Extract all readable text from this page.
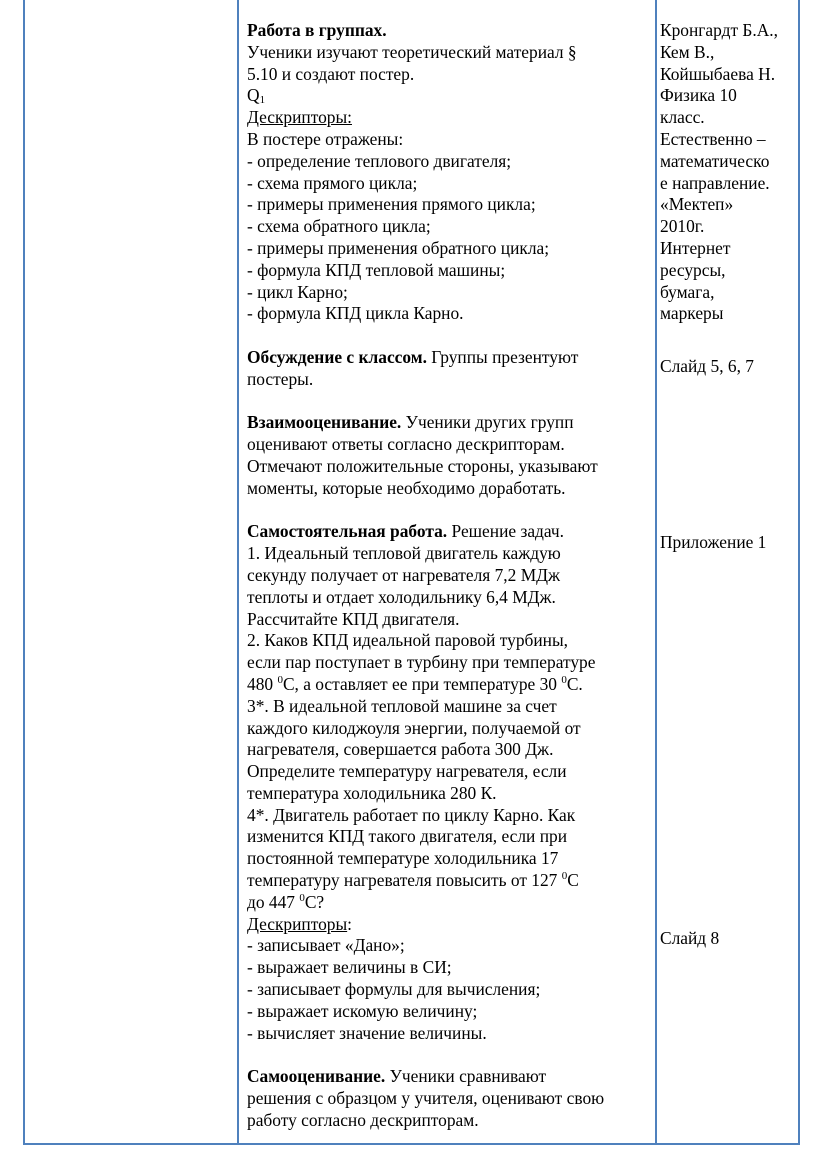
Работа в группах.
Ученики изучают теоретический материал §
5.10 и создают постер.
$Q_1$
Дескрипторы:
В постере отражены:
- определение теплового двигателя;
- схема прямого цикла;
- примеры применения прямого цикла;
- схема обратного цикла;
- примеры применения обратного цикла;
- формула КПД тепловой машины;
- цикл Карно;
- формула КПД цикла Карно.
Обсуждение с классом. Группы презентуют
постеры.
Взаимооценивание. Ученики других групп
оценивают ответы согласно дескрипторам.
Отмечают положительные стороны, указывают
моменты, которые необходимо доработать.
Самостоятельная работа. Решение задач.
1. Идеальный тепловой двигатель каждую
секунду получает от нагревателя 7,2 МДж
теплоты и отдает холодильнику 6,4 МДж.
Рассчитайте КПД двигателя.
2. Каков КПД идеальной паровой турбины,
если пар поступает в турбину при температуре
480 $^0$С, а оставляет ее при температуре 30 $^0$С.
3*. В идеальной тепловой машине за счет
каждого килоджоуля энергии, получаемой от
нагревателя, совершается работа 300 Дж.
Определите температуру нагревателя, если
температура холодильника 280 К.
4*. Двигатель работает по циклу Карно. Как
изменится КПД такого двигателя, если при
постоянной температуре холодильника 17
температуру нагревателя повысить от 127 $^0$С
до 447 $^0$С?
Дескрипторы:
- записывает «Дано»;
- выражает величины в СИ;
- записывает формулы для вычисления;
- выражает искомую величину;
- вычисляет значение величины.
Самооценивание. Ученики сравнивают
решения с образцом у учителя, оценивают свою
работу согласно дескрипторам.
Кронгардт Б.А.,
Кем В.,
Койшыбаева Н.
Физика 10
класс.
Естественно –
математическо
е направление.
«Мектеп»
2010г.
Интернет
ресурсы,
бумага,
маркеры
Слайд 5, 6, 7
Приложение 1
Слайд 8
